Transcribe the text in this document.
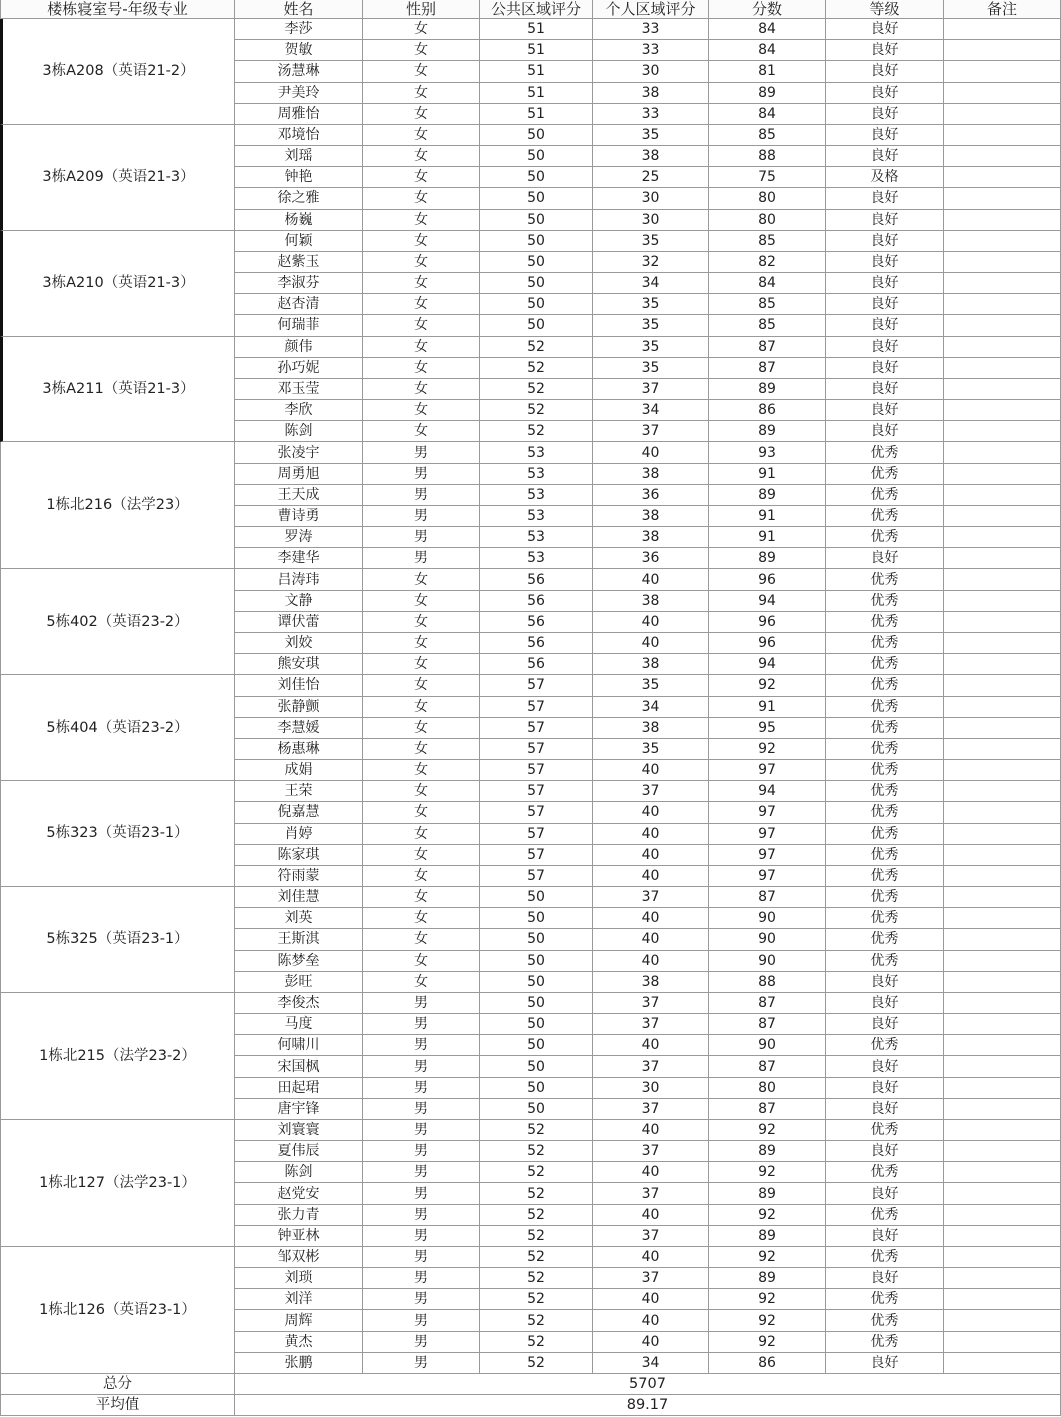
楼栋寝室号-年级专业	姓名	性别	公共区域评分	个人区域评分	分数	等级	备注
3栋A208（英语21-2）
李莎	女	51	33	84	良好
贺敏	女	51	33	84	良好
汤慧琳	女	51	30	81	良好
尹美玲	女	51	38	89	良好
周雅怡	女	51	33	84	良好
3栋A209（英语21-3）
邓境怡	女	50	35	85	良好
刘瑶	女	50	38	88	良好
钟艳	女	50	25	75	及格
徐之雅	女	50	30	80	良好
杨巍	女	50	30	80	良好
3栋A210（英语21-3）
何颖	女	50	35	85	良好
赵紫玉	女	50	32	82	良好
李淑芬	女	50	34	84	良好
赵杏清	女	50	35	85	良好
何瑞菲	女	50	35	85	良好
3栋A211（英语21-3）
颜伟	女	52	35	87	良好
孙巧妮	女	52	35	87	良好
邓玉莹	女	52	37	89	良好
李欣	女	52	34	86	良好
陈剑	女	52	37	89	良好
1栋北216（法学23）
张凌宇	男	53	40	93	优秀
周勇旭	男	53	38	91	优秀
王天成	男	53	36	89	优秀
曹诗勇	男	53	38	91	优秀
罗涛	男	53	38	91	优秀
李建华	男	53	36	89	良好
5栋402（英语23-2）
吕涛玮	女	56	40	96	优秀
文静	女	56	38	94	优秀
谭伏蕾	女	56	40	96	优秀
刘姣	女	56	40	96	优秀
熊安琪	女	56	38	94	优秀
5栋404（英语23-2）
刘佳怡	女	57	35	92	优秀
张静颤	女	57	34	91	优秀
李慧媛	女	57	38	95	优秀
杨惠琳	女	57	35	92	优秀
成娟	女	57	40	97	优秀
5栋323（英语23-1）
王荣	女	57	37	94	优秀
倪嘉慧	女	57	40	97	优秀
肖婷	女	57	40	97	优秀
陈家琪	女	57	40	97	优秀
符雨蒙	女	57	40	97	优秀
5栋325（英语23-1）
刘佳慧	女	50	37	87	优秀
刘英	女	50	40	90	优秀
王斯淇	女	50	40	90	优秀
陈梦垒	女	50	40	90	优秀
彭旺	女	50	38	88	良好
1栋北215（法学23-2）
李俊杰	男	50	37	87	良好
马度	男	50	37	87	良好
何啸川	男	50	40	90	优秀
宋国枫	男	50	37	87	良好
田起珺	男	50	30	80	良好
唐宇锋	男	50	37	87	良好
1栋北127（法学23-1）
刘寰寰	男	52	40	92	优秀
夏伟辰	男	52	37	89	良好
陈剑	男	52	40	92	优秀
赵党安	男	52	37	89	良好
张力青	男	52	40	92	优秀
钟亚林	男	52	37	89	良好
1栋北126（英语23-1）
邹双彬	男	52	40	92	优秀
刘琐	男	52	37	89	良好
刘洋	男	52	40	92	优秀
周辉	男	52	40	92	优秀
黄杰	男	52	40	92	优秀
张鹏	男	52	34	86	良好
总分	5707
平均值	89.17
